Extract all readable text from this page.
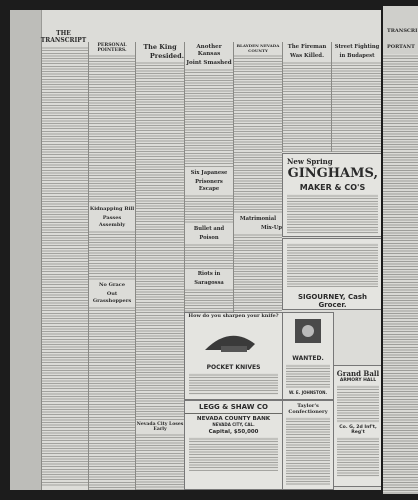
TRANSCRI
PORTANT
THE TRANSCRIPT
PERSONAL POINTERS.
Kidnapping Bill
Passes Assembly
No Grace
Out Grasshoppers
The King
Presided.
Nevada City Loses Early
Another Kansas
Joint Smashed
Six Japanese
Prisoners Escape
Bullet and
Poison
Riots in
Saragossa
BLAYDEN NEVADA COUNTY
Matrimonial
Mix-Up
The Fireman
Was Killed.
Street Fighting
in Budapest
New Spring
GINGHAMS,
MAKER & CO'S
SIGOURNEY, Cash Grocer.
How do you sharpen your knife?
POCKET KNIVES
WANTED.
W. E. JOHNSTON.
Grand Ball
ARMORY HALL
Co. G, 2d Inf't, Reg't
LEGG & SHAW CO
NEVADA COUNTY BANK
NEVADA CITY, CAL.
Capital, $50,000
Taylor's Confectionery
